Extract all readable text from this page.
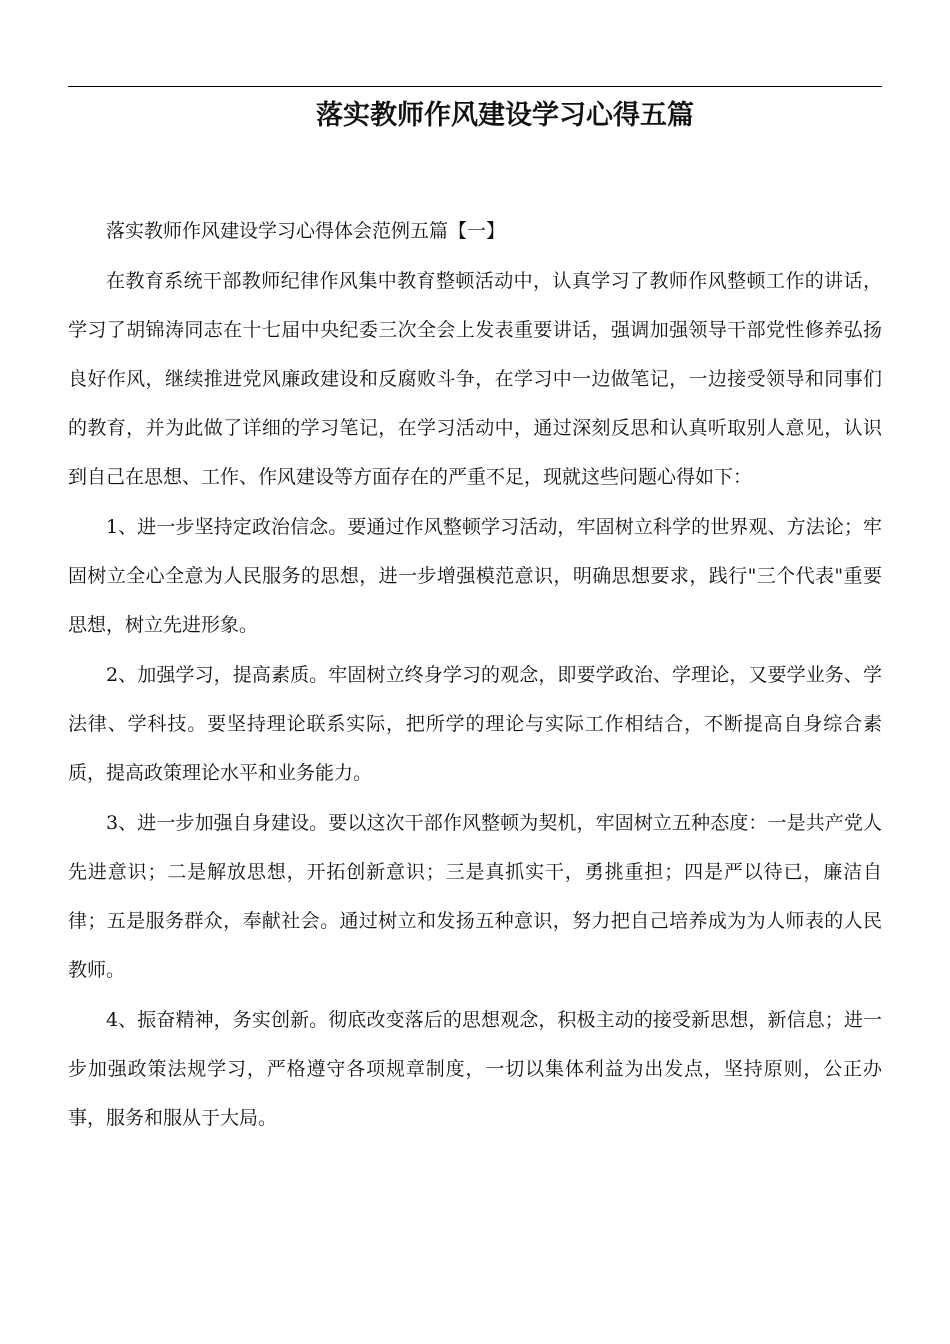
落实教师作风建设学习心得五篇

落实教师作风建设学习心得体会范例五篇【一】

在教育系统干部教师纪律作风集中教育整顿活动中，认真学习了教师作风整顿工作的讲话，学习了胡锦涛同志在十七届中央纪委三次全会上发表重要讲话，强调加强领导干部党性修养弘扬良好作风，继续推进党风廉政建设和反腐败斗争，在学习中一边做笔记，一边接受领导和同事们的教育，并为此做了详细的学习笔记，在学习活动中，通过深刻反思和认真听取别人意见，认识到自己在思想、工作、作风建设等方面存在的严重不足，现就这些问题心得如下：

1、进一步坚持定政治信念。要通过作风整顿学习活动，牢固树立科学的世界观、方法论；牢固树立全心全意为人民服务的思想，进一步增强模范意识，明确思想要求，践行"三个代表"重要思想，树立先进形象。

2、加强学习，提高素质。牢固树立终身学习的观念，即要学政治、学理论，又要学业务、学法律、学科技。要坚持理论联系实际，把所学的理论与实际工作相结合，不断提高自身综合素质，提高政策理论水平和业务能力。

3、进一步加强自身建设。要以这次干部作风整顿为契机，牢固树立五种态度：一是共产党人先进意识；二是解放思想，开拓创新意识；三是真抓实干，勇挑重担；四是严以待已，廉洁自律；五是服务群众，奉献社会。通过树立和发扬五种意识，努力把自己培养成为为人师表的人民教师。

4、振奋精神，务实创新。彻底改变落后的思想观念，积极主动的接受新思想，新信息；进一步加强政策法规学习，严格遵守各项规章制度，一切以集体利益为出发点，坚持原则，公正办事，服务和服从于大局。
